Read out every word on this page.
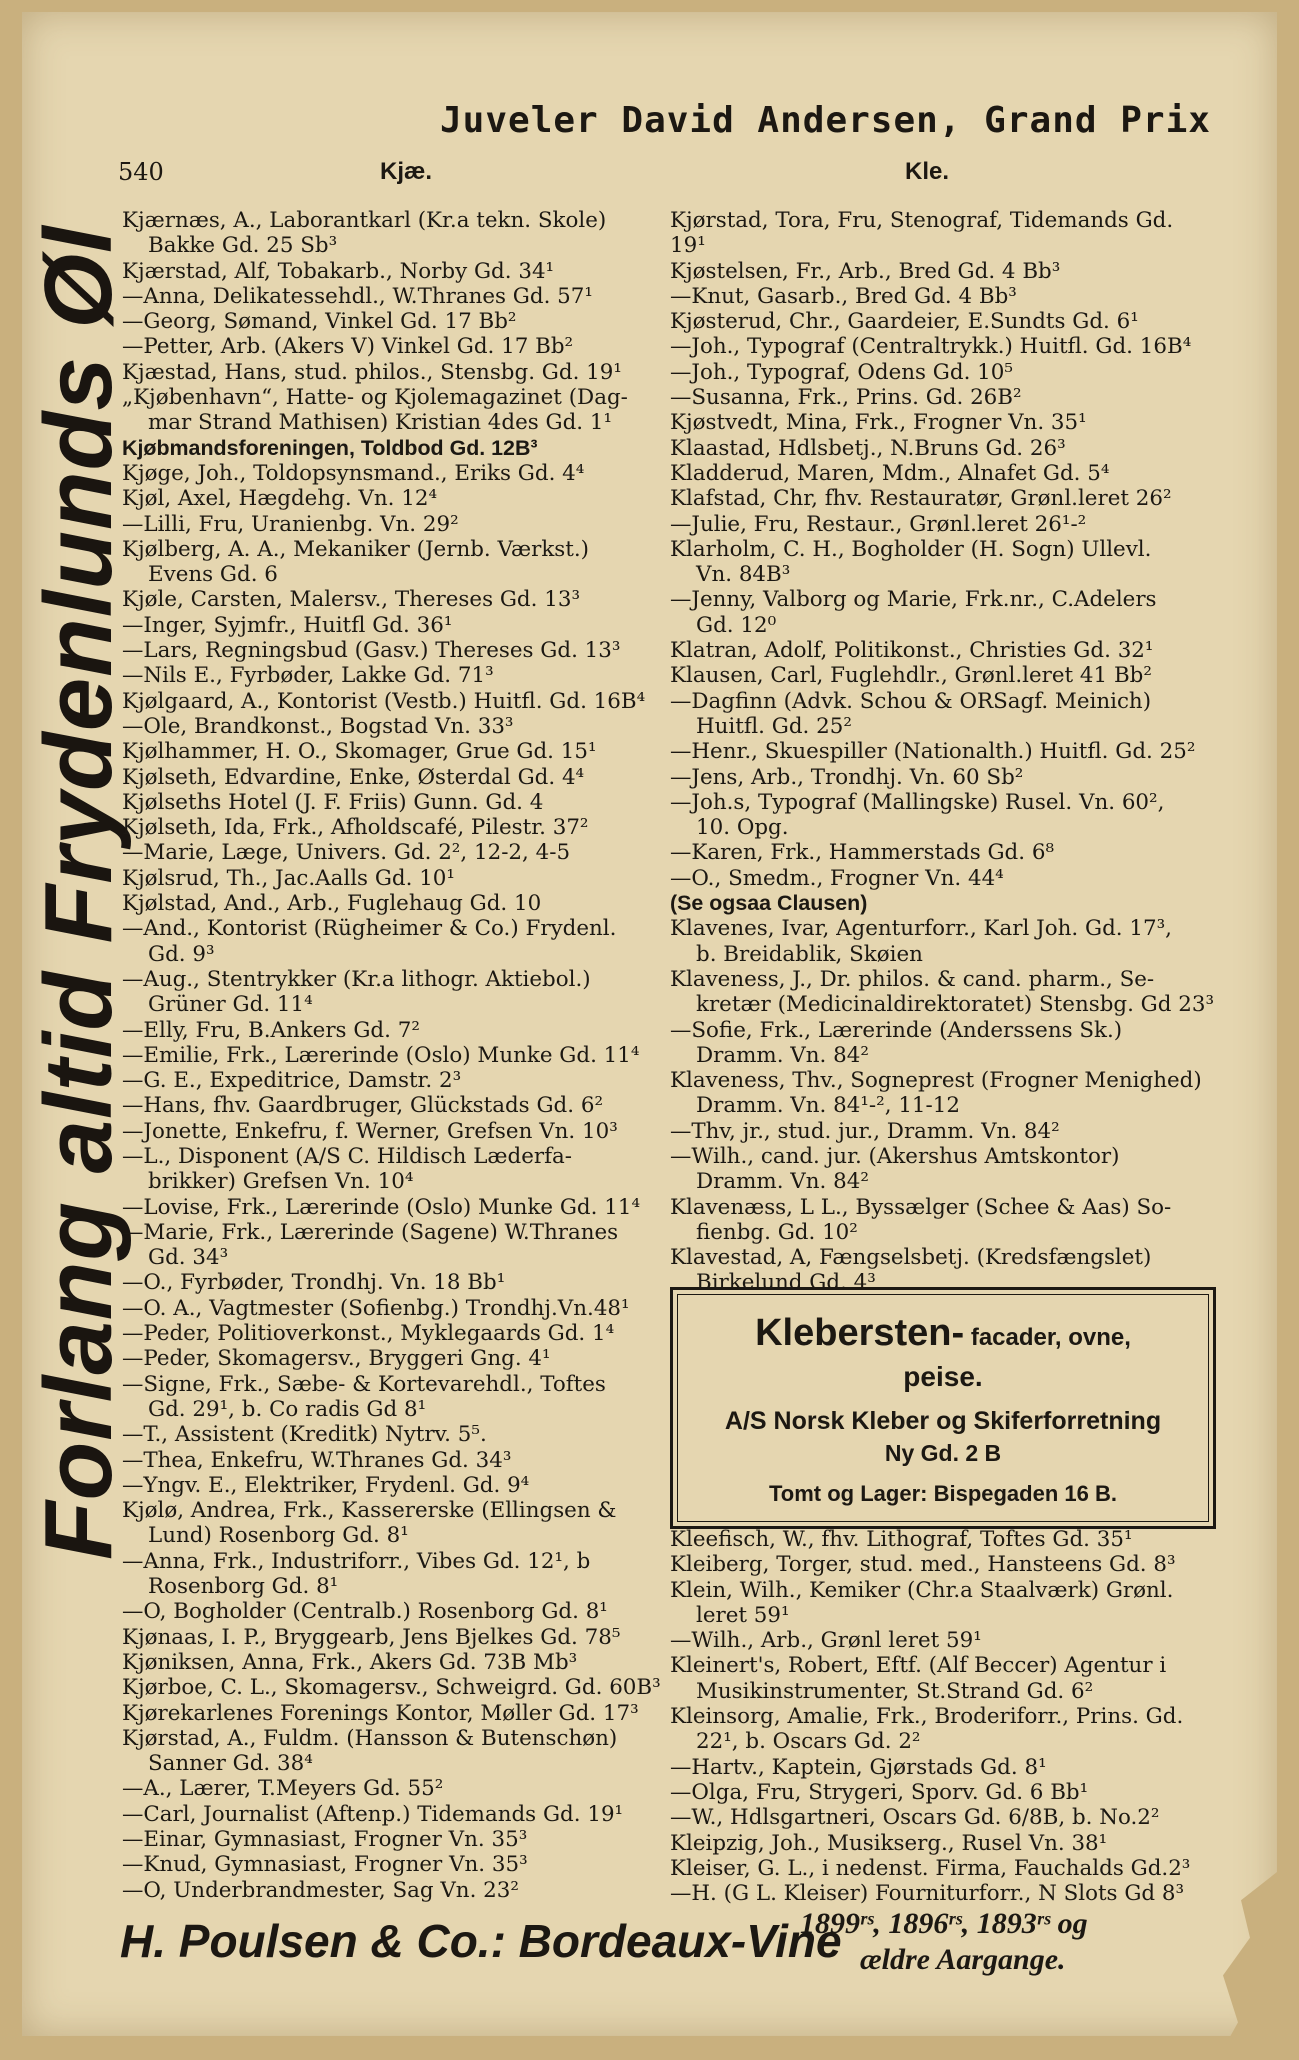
Juveler David Andersen, Grand Prix
540	Kjæ.	Kle.
Kjærnæs, A., Laborantkarl (Kr.a tekn. Skole)
Bakke Gd. 25 Sb³
Kjærstad, Alf, Tobakarb., Norby Gd. 34¹
—Anna, Delikatessehdl., W.Thranes Gd. 57¹
—Georg, Sømand, Vinkel Gd. 17 Bb²
—Petter, Arb. (Akers V) Vinkel Gd. 17 Bb²
Kjæstad, Hans, stud. philos., Stensbg. Gd. 19¹
„Kjøbenhavn“, Hatte- og Kjolemagazinet (Dag-
mar Strand Mathisen) Kristian 4des Gd. 1¹
Kjøbmandsforeningen, Toldbod Gd. 12B³
Kjøge, Joh., Toldopsynsmand., Eriks Gd. 4⁴
Kjøl, Axel, Hægdehg. Vn. 12⁴
—Lilli, Fru, Uranienbg. Vn. 29²
Kjølberg, A. A., Mekaniker (Jernb. Værkst.)
Evens Gd. 6
Kjøle, Carsten, Malersv., Thereses Gd. 13³
—Inger, Syjmfr., Huitfl Gd. 36¹
—Lars, Regningsbud (Gasv.) Thereses Gd. 13³
—Nils E., Fyrbøder, Lakke Gd. 71³
Kjølgaard, A., Kontorist (Vestb.) Huitfl. Gd. 16B⁴
—Ole, Brandkonst., Bogstad Vn. 33³
Kjølhammer, H. O., Skomager, Grue Gd. 15¹
Kjølseth, Edvardine, Enke, Østerdal Gd. 4⁴
Kjølseths Hotel (J. F. Friis) Gunn. Gd. 4
Kjølseth, Ida, Frk., Afholdscafé, Pilestr. 37²
—Marie, Læge, Univers. Gd. 2², 12-2, 4-5
Kjølsrud, Th., Jac.Aalls Gd. 10¹
Kjølstad, And., Arb., Fuglehaug Gd. 10
—And., Kontorist (Rügheimer & Co.) Frydenl.
Gd. 9³
—Aug., Stentrykker (Kr.a lithogr. Aktiebol.)
Grüner Gd. 11⁴
—Elly, Fru, B.Ankers Gd. 7²
—Emilie, Frk., Lærerinde (Oslo) Munke Gd. 11⁴
—G. E., Expeditrice, Damstr. 2³
—Hans, fhv. Gaardbruger, Glückstads Gd. 6²
—Jonette, Enkefru, f. Werner, Grefsen Vn. 10³
—L., Disponent (A/S C. Hildisch Læderfa-
brikker) Grefsen Vn. 10⁴
—Lovise, Frk., Lærerinde (Oslo) Munke Gd. 11⁴
—Marie, Frk., Lærerinde (Sagene) W.Thranes
Gd. 34³
—O., Fyrbøder, Trondhj. Vn. 18 Bb¹
—O. A., Vagtmester (Sofienbg.) Trondhj.Vn.48¹
—Peder, Politioverkonst., Myklegaards Gd. 1⁴
—Peder, Skomagersv., Bryggeri Gng. 4¹
—Signe, Frk., Sæbe- & Kortevarehdl., Toftes
Gd. 29¹, b. Co radis Gd 8¹
—T., Assistent (Kreditk) Nytrv. 5⁵.
—Thea, Enkefru, W.Thranes Gd. 34³
—Yngv. E., Elektriker, Frydenl. Gd. 9⁴
Kjølø, Andrea, Frk., Kassererske (Ellingsen &
Lund) Rosenborg Gd. 8¹
—Anna, Frk., Industriforr., Vibes Gd. 12¹, b
Rosenborg Gd. 8¹
—O, Bogholder (Centralb.) Rosenborg Gd. 8¹
Kjønaas, I. P., Bryggearb, Jens Bjelkes Gd. 78⁵
Kjøniksen, Anna, Frk., Akers Gd. 73B Mb³
Kjørboe, C. L., Skomagersv., Schweigrd. Gd. 60B³
Kjørekarlenes Forenings Kontor, Møller Gd. 17³
Kjørstad, A., Fuldm. (Hansson & Butenschøn)
Sanner Gd. 38⁴
—A., Lærer, T.Meyers Gd. 55²
—Carl, Journalist (Aftenp.) Tidemands Gd. 19¹
—Einar, Gymnasiast, Frogner Vn. 35³
—Knud, Gymnasiast, Frogner Vn. 35³
—O, Underbrandmester, Sag Vn. 23²
Kjørstad, Tora, Fru, Stenograf, Tidemands Gd. 19¹
Kjøstelsen, Fr., Arb., Bred Gd. 4 Bb³
—Knut, Gasarb., Bred Gd. 4 Bb³
Kjøsterud, Chr., Gaardeier, E.Sundts Gd. 6¹
—Joh., Typograf (Centraltrykk.) Huitfl. Gd. 16B⁴
—Joh., Typograf, Odens Gd. 10⁵
—Susanna, Frk., Prins. Gd. 26B²
Kjøstvedt, Mina, Frk., Frogner Vn. 35¹
Klaastad, Hdlsbetj., N.Bruns Gd. 26³
Kladderud, Maren, Mdm., Alnafet Gd. 5⁴
Klafstad, Chr, fhv. Restauratør, Grønl.leret 26²
—Julie, Fru, Restaur., Grønl.leret 26¹-²
Klarholm, C. H., Bogholder (H. Sogn) Ullevl.
Vn. 84B³
—Jenny, Valborg og Marie, Frk.nr., C.Adelers
Gd. 12⁰
Klatran, Adolf, Politikonst., Christies Gd. 32¹
Klausen, Carl, Fuglehdlr., Grønl.leret 41 Bb²
—Dagfinn (Advk. Schou & ORSagf. Meinich)
Huitfl. Gd. 25²
—Henr., Skuespiller (Nationalth.) Huitfl. Gd. 25²
—Jens, Arb., Trondhj. Vn. 60 Sb²
—Joh.s, Typograf (Mallingske) Rusel. Vn. 60²,
10. Opg.
—Karen, Frk., Hammerstads Gd. 6⁸
—O., Smedm., Frogner Vn. 44⁴
(Se ogsaa Clausen)
Klavenes, Ivar, Agenturforr., Karl Joh. Gd. 17³,
b. Breidablik, Skøien
Klaveness, J., Dr. philos. & cand. pharm., Se-
kretær (Medicinaldirektoratet) Stensbg. Gd 23³
—Sofie, Frk., Lærerinde (Anderssens Sk.)
Dramm. Vn. 84²
Klaveness, Thv., Sogneprest (Frogner Menighed)
Dramm. Vn. 84¹-², 11-12
—Thv, jr., stud. jur., Dramm. Vn. 84²
—Wilh., cand. jur. (Akershus Amtskontor)
Dramm. Vn. 84²
Klavenæss, L L., Byssælger (Schee & Aas) So-
fienbg. Gd. 10²
Klavestad, A, Fængselsbetj. (Kredsfængslet)
Birkelund Gd. 4³
Klebersten- facader, ovne,
peise.
A/S Norsk Kleber og Skiferforretning
Ny Gd. 2 B
Tomt og Lager: Bispegaden 16 B.
Kleefisch, W., fhv. Lithograf, Toftes Gd. 35¹
Kleiberg, Torger, stud. med., Hansteens Gd. 8³
Klein, Wilh., Kemiker (Chr.a Staalværk) Grønl.
leret 59¹
—Wilh., Arb., Grønl leret 59¹
Kleinert's, Robert, Eftf. (Alf Beccer) Agentur i
Musikinstrumenter, St.Strand Gd. 6²
Kleinsorg, Amalie, Frk., Broderiforr., Prins. Gd.
22¹, b. Oscars Gd. 2²
—Hartv., Kaptein, Gjørstads Gd. 8¹
—Olga, Fru, Strygeri, Sporv. Gd. 6 Bb¹
—W., Hdlsgartneri, Oscars Gd. 6/8B, b. No.2²
Kleipzig, Joh., Musikserg., Rusel Vn. 38¹
Kleiser, G. L., i nedenst. Firma, Fauchalds Gd.2³
—H. (G L. Kleiser) Fourniturforr., N Slots Gd 8³
H. Poulsen & Co.: Bordeaux-Vine
1899ʳˢ, 1896ʳˢ, 1893ʳˢ og
ældre Aargange.
